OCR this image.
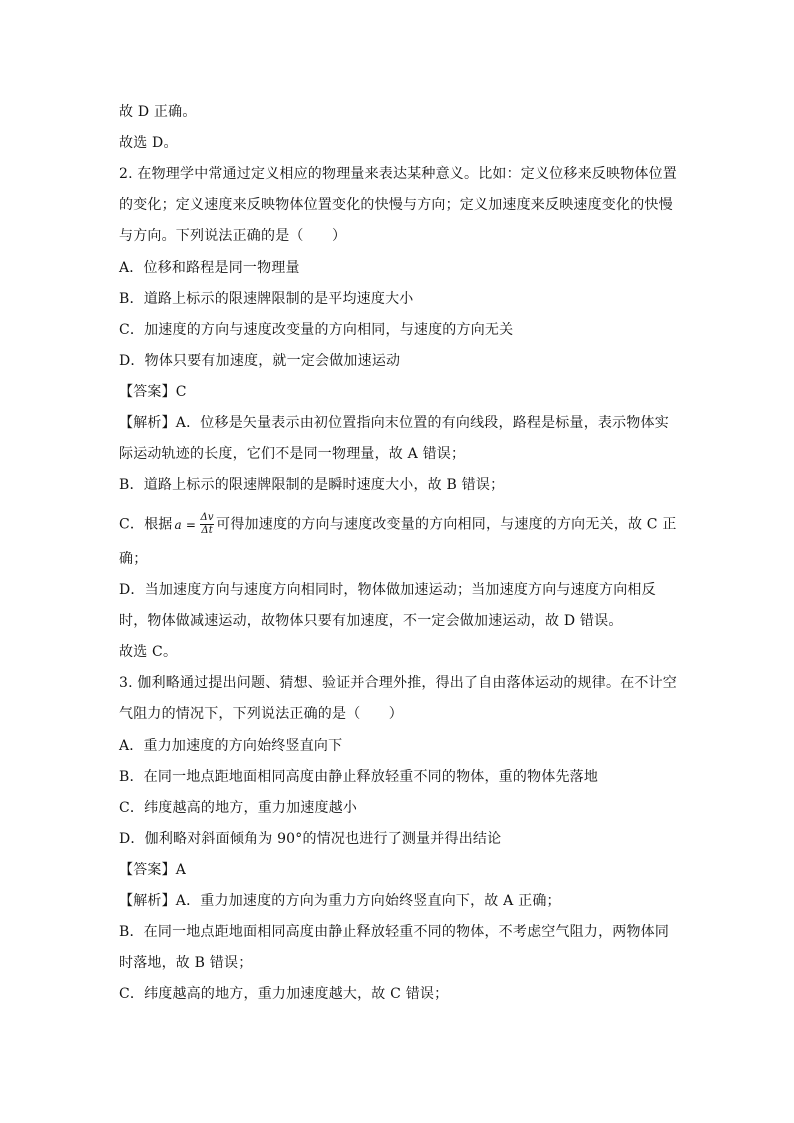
故 D 正确。
故选 D。
2. 在物理学中常通过定义相应的物理量来表达某种意义。比如：定义位移来反映物体位置
的变化；定义速度来反映物体位置变化的快慢与方向；定义加速度来反映速度变化的快慢
与方向。下列说法正确的是（　　）
A．位移和路程是同一物理量
B．道路上标示的限速牌限制的是平均速度大小
C．加速度的方向与速度改变量的方向相同，与速度的方向无关
D．物体只要有加速度，就一定会做加速运动
【答案】C
【解析】A．位移是矢量表示由初位置指向末位置的有向线段，路程是标量，表示物体实
际运动轨迹的长度，它们不是同一物理量，故 A 错误；
B．道路上标示的限速牌限制的是瞬时速度大小，故 B 错误；
C．根据 $a = \frac{\Delta v}{\Delta t}$ 可得加速度的方向与速度改变量的方向相同，与速度的方向无关，故 C 正
确；
D．当加速度方向与速度方向相同时，物体做加速运动；当加速度方向与速度方向相反
时，物体做减速运动，故物体只要有加速度，不一定会做加速运动，故 D 错误。
故选 C。
3. 伽利略通过提出问题、猜想、验证并合理外推，得出了自由落体运动的规律。在不计空
气阻力的情况下，下列说法正确的是（　　）
A．重力加速度的方向始终竖直向下
B．在同一地点距地面相同高度由静止释放轻重不同的物体，重的物体先落地
C．纬度越高的地方，重力加速度越小
D．伽利略对斜面倾角为 90°的情况也进行了测量并得出结论
【答案】A
【解析】A．重力加速度的方向为重力方向始终竖直向下，故 A 正确；
B．在同一地点距地面相同高度由静止释放轻重不同的物体，不考虑空气阻力，两物体同
时落地，故 B 错误；
C．纬度越高的地方，重力加速度越大，故 C 错误；
